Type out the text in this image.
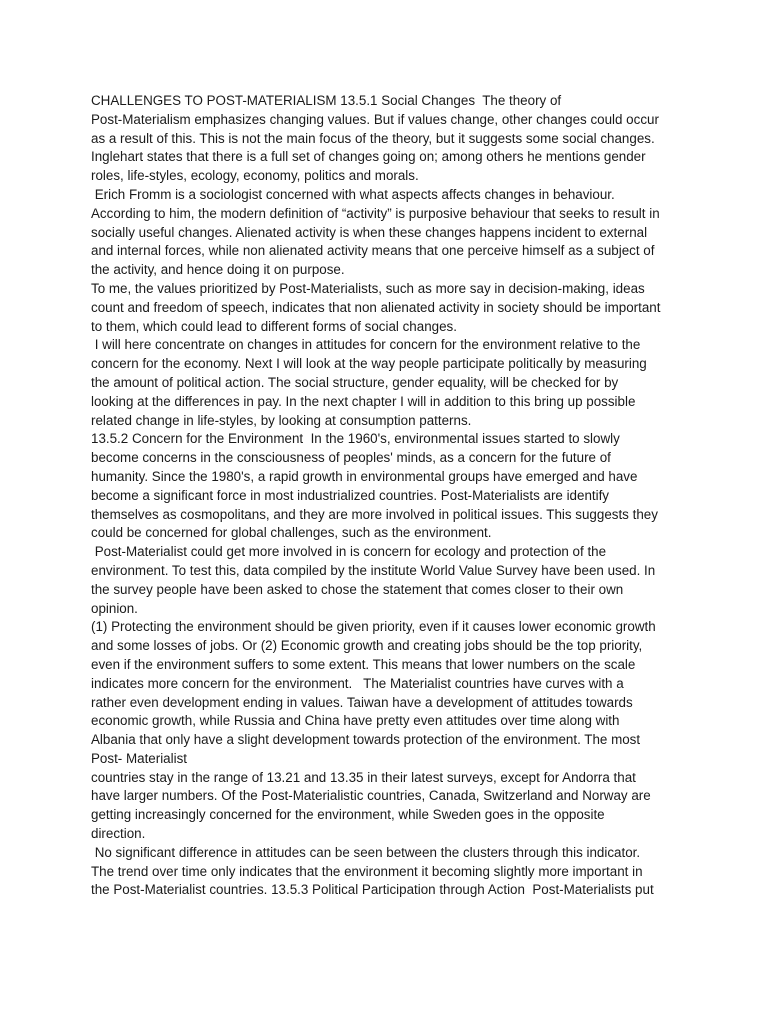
CHALLENGES TO POST-MATERIALISM 13.5.1 Social Changes  The theory of
Post-Materialism emphasizes changing values. But if values change, other changes could occur
as a result of this. This is not the main focus of the theory, but it suggests some social changes.
Inglehart states that there is a full set of changes going on; among others he mentions gender
roles, life-styles, ecology, economy, politics and morals.
Erich Fromm is a sociologist concerned with what aspects affects changes in behaviour.
According to him, the modern definition of “activity” is purposive behaviour that seeks to result in
socially useful changes. Alienated activity is when these changes happens incident to external
and internal forces, while non alienated activity means that one perceive himself as a subject of
the activity, and hence doing it on purpose.
To me, the values prioritized by Post-Materialists, such as more say in decision-making, ideas
count and freedom of speech, indicates that non alienated activity in society should be important
to them, which could lead to different forms of social changes.
I will here concentrate on changes in attitudes for concern for the environment relative to the
concern for the economy. Next I will look at the way people participate politically by measuring
the amount of political action. The social structure, gender equality, will be checked for by
looking at the differences in pay. In the next chapter I will in addition to this bring up possible
related change in life-styles, by looking at consumption patterns.
13.5.2 Concern for the Environment  In the 1960's, environmental issues started to slowly
become concerns in the consciousness of peoples' minds, as a concern for the future of
humanity. Since the 1980's, a rapid growth in environmental groups have emerged and have
become a significant force in most industrialized countries. Post-Materialists are identify
themselves as cosmopolitans, and they are more involved in political issues. This suggests they
could be concerned for global challenges, such as the environment.
Post-Materialist could get more involved in is concern for ecology and protection of the
environment. To test this, data compiled by the institute World Value Survey have been used. In
the survey people have been asked to chose the statement that comes closer to their own
opinion.
(1) Protecting the environment should be given priority, even if it causes lower economic growth
and some losses of jobs. Or (2) Economic growth and creating jobs should be the top priority,
even if the environment suffers to some extent. This means that lower numbers on the scale
indicates more concern for the environment.   The Materialist countries have curves with a
rather even development ending in values. Taiwan have a development of attitudes towards
economic growth, while Russia and China have pretty even attitudes over time along with
Albania that only have a slight development towards protection of the environment. The most
Post- Materialist
countries stay in the range of 13.21 and 13.35 in their latest surveys, except for Andorra that
have larger numbers. Of the Post-Materialistic countries, Canada, Switzerland and Norway are
getting increasingly concerned for the environment, while Sweden goes in the opposite
direction.
No significant difference in attitudes can be seen between the clusters through this indicator.
The trend over time only indicates that the environment it becoming slightly more important in
the Post-Materialist countries. 13.5.3 Political Participation through Action  Post-Materialists put
